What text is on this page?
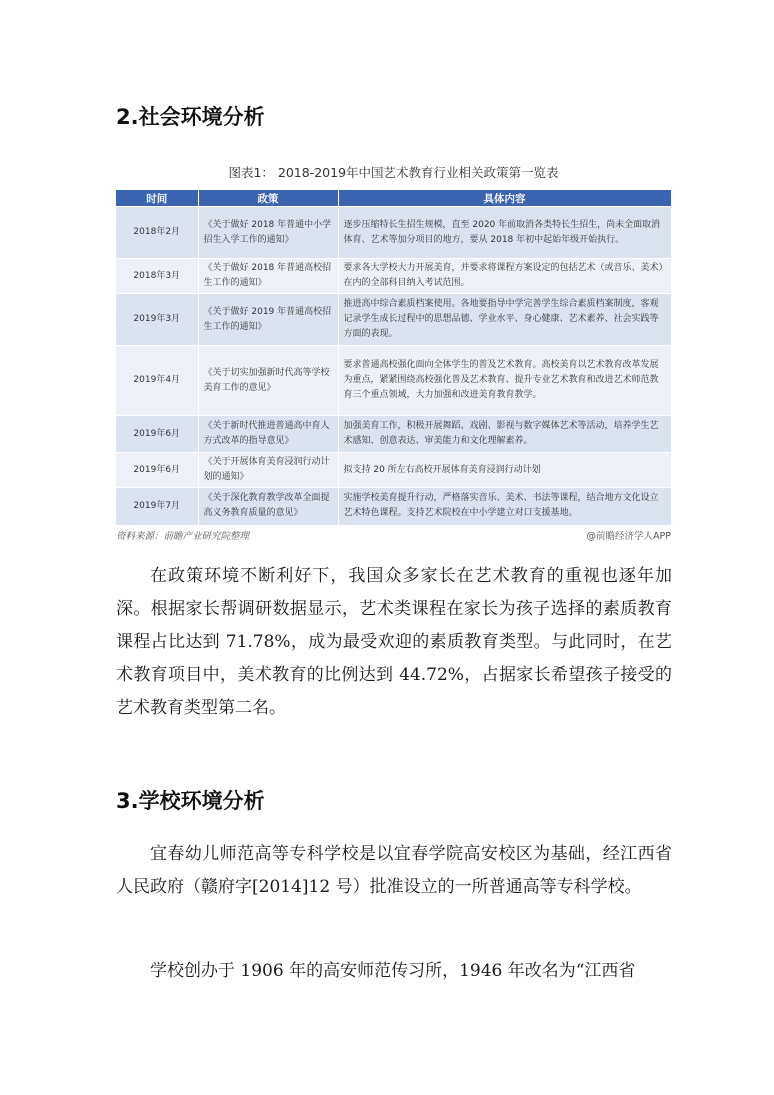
2.社会环境分析
图表1： 2018-2019年中国艺术教育行业相关政策第一览表
时间	政策	具体内容
2018年2月	《关于做好 2018 年普通中小学招生入学工作的通知》	逐步压缩特长生招生规模，直至 2020 年前取消各类特长生招生，尚未全面取消体育、艺术等加分项目的地方，要从 2018 年初中起始年级开始执行。
2018年3月	《关于做好 2018 年普通高校招生工作的通知》	要求各大学校大力开展美育，并要求将课程方案设定的包括艺术（或音乐、美术）在内的全部科目纳入考试范围。
2019年3月	《关于做好 2019 年普通高校招生工作的通知》	推进高中综合素质档案使用。各地要指导中学完善学生综合素质档案制度，客观记录学生成长过程中的思想品德、学业水平、身心健康、艺术素养、社会实践等方面的表现。
2019年4月	《关于切实加强新时代高等学校美育工作的意见》	要求普通高校强化面向全体学生的普及艺术教育。高校美育以艺术教育改革发展为重点，紧紧围绕高校强化普及艺术教育、提升专业艺术教育和改进艺术师范教育三个重点领域，大力加强和改进美育教育教学。
2019年6月	《关于新时代推进普通高中育人方式改革的指导意见》	加强美育工作，积极开展舞蹈、戏剧、影视与数字媒体艺术等活动，培养学生艺术感知、创意表达、审美能力和文化理解素养。
2019年6月	《关于开展体育美育浸润行动计划的通知》	拟支持 20 所左右高校开展体育美育浸润行动计划
2019年7月	《关于深化教育教学改革全面提高义务教育质量的意见》	实施学校美育提升行动，严格落实音乐、美术、书法等课程，结合地方文化设立艺术特色课程。支持艺术院校在中小学建立对口支援基地。
资料来源：前瞻产业研究院整理	@前瞻经济学人APP

在政策环境不断利好下，我国众多家长在艺术教育的重视也逐年加深。根据家长帮调研数据显示，艺术类课程在家长为孩子选择的素质教育课程占比达到 71.78%，成为最受欢迎的素质教育类型。与此同时，在艺术教育项目中，美术教育的比例达到 44.72%，占据家长希望孩子接受的艺术教育类型第二名。

3.学校环境分析

宜春幼儿师范高等专科学校是以宜春学院高安校区为基础，经江西省人民政府（赣府字[2014]12 号）批准设立的一所普通高等专科学校。

学校创办于 1906 年的高安师范传习所，1946 年改名为“江西省
